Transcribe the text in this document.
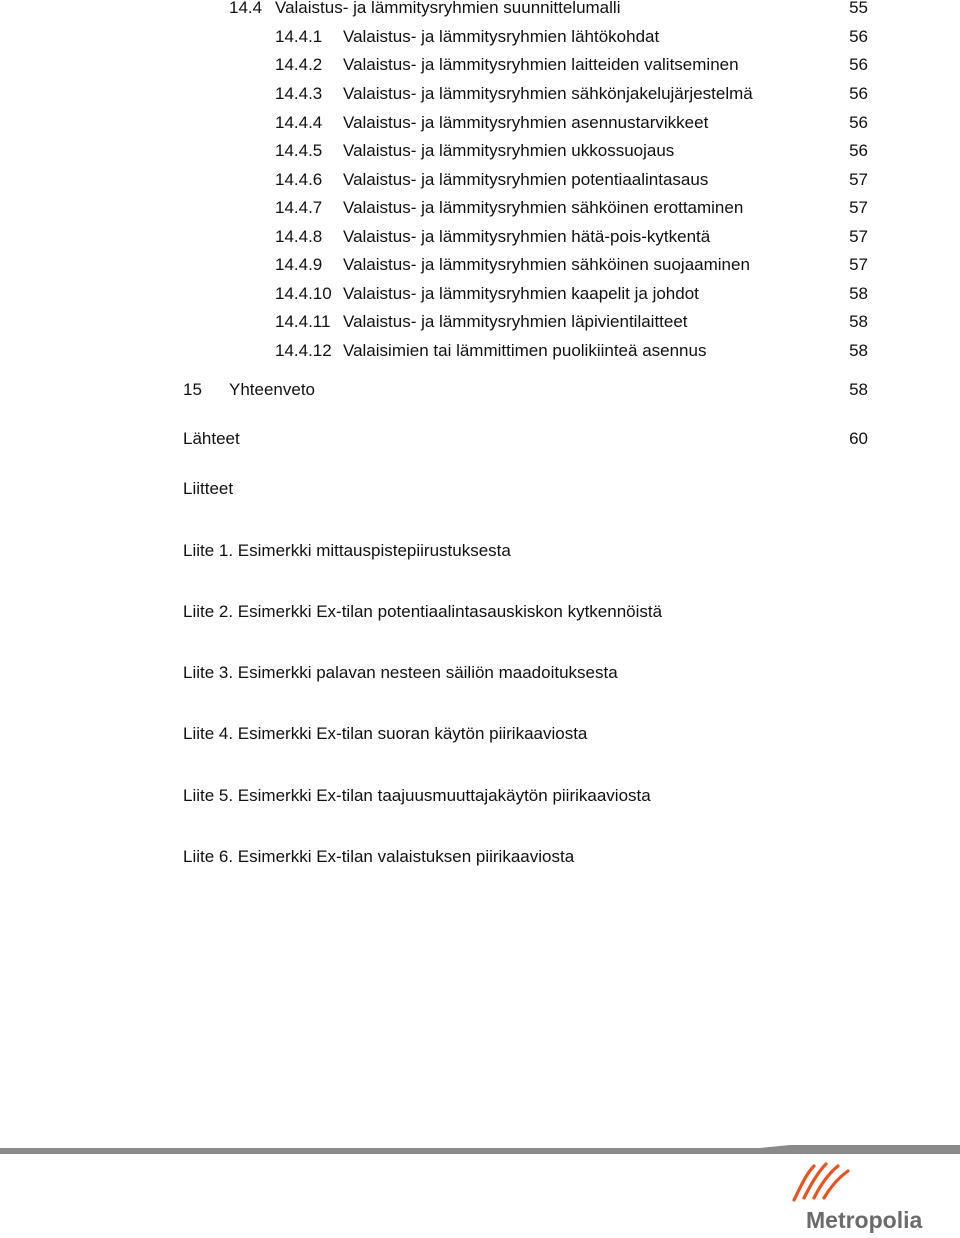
14.4 Valaistus- ja lämmitysryhmien suunnittelumalli	55
14.4.1 Valaistus- ja lämmitysryhmien lähtökohdat	56
14.4.2 Valaistus- ja lämmitysryhmien laitteiden valitseminen	56
14.4.3 Valaistus- ja lämmitysryhmien sähkönjakelujärjestelmä	56
14.4.4 Valaistus- ja lämmitysryhmien asennustarvikkeet	56
14.4.5 Valaistus- ja lämmitysryhmien ukkossuojaus	56
14.4.6 Valaistus- ja lämmitysryhmien potentiaalintasaus	57
14.4.7 Valaistus- ja lämmitysryhmien sähköinen erottaminen	57
14.4.8 Valaistus- ja lämmitysryhmien hätä-pois-kytkentä	57
14.4.9 Valaistus- ja lämmitysryhmien sähköinen suojaaminen	57
14.4.10 Valaistus- ja lämmitysryhmien kaapelit ja johdot	58
14.4.11 Valaistus- ja lämmitysryhmien läpivientilaitteet	58
14.4.12 Valaisimien tai lämmittimen puolikiinteä asennus	58
15 Yhteenveto	58
Lähteet	60
Liitteet
Liite 1. Esimerkki mittauspistepiirustuksesta
Liite 2. Esimerkki Ex-tilan potentiaalintasauskiskon kytkennöistä
Liite 3. Esimerkki palavan nesteen säiliön maadoituksesta
Liite 4. Esimerkki Ex-tilan suoran käytön piirikaaviosta
Liite 5. Esimerkki Ex-tilan taajuusmuuttajakäytön piirikaaviosta
Liite 6. Esimerkki Ex-tilan valaistuksen piirikaaviosta
Metropolia
